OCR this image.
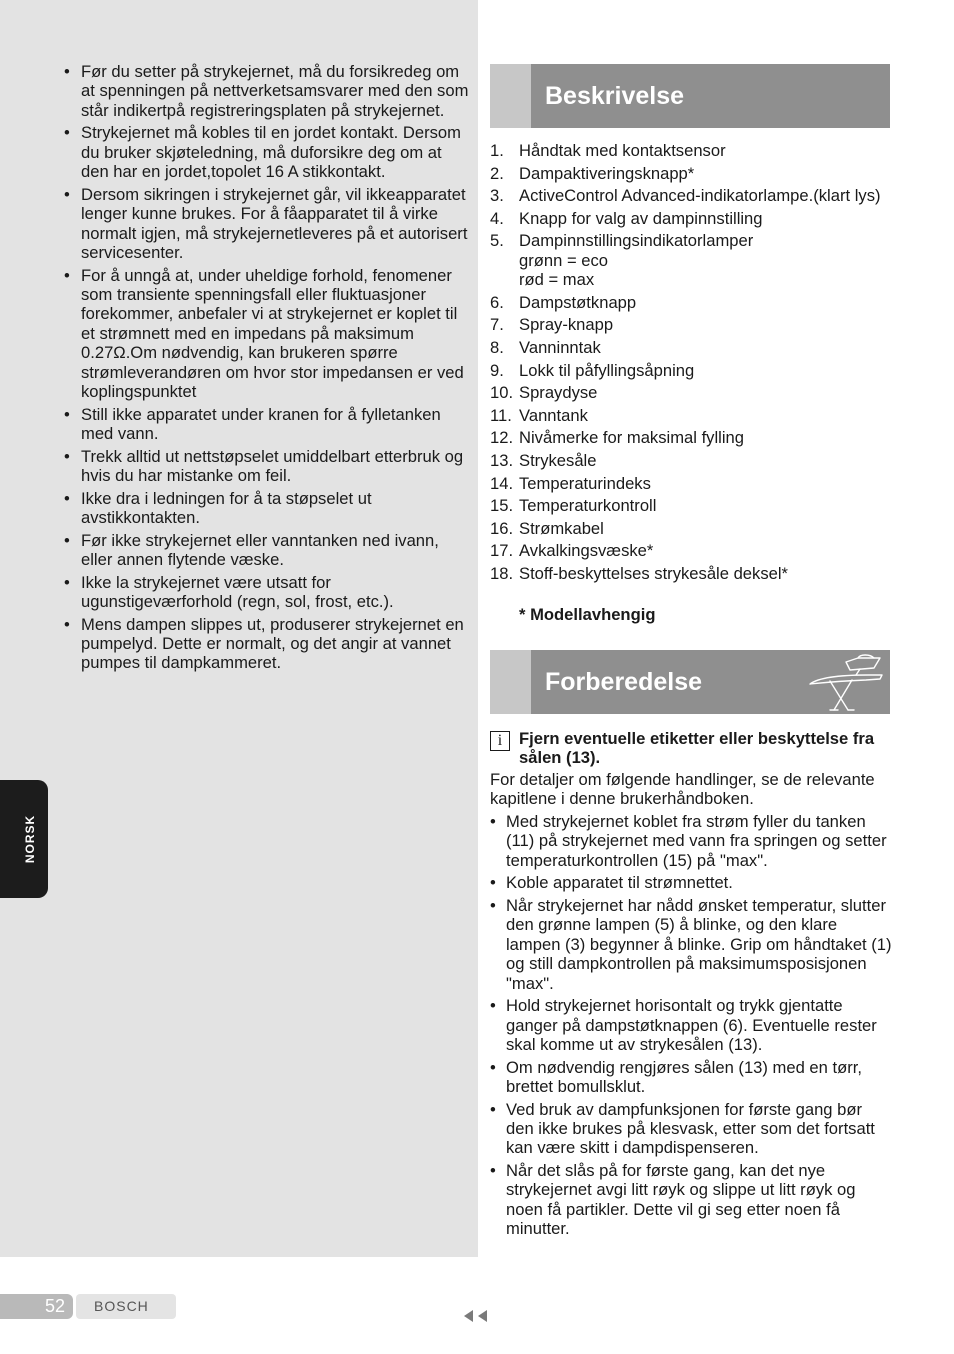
• Før du setter på strykejernet, må du forsikredeg om at spenningen på nettverketsamsvarer med den som står indikertpå registreringsplaten på strykejernet.
• Strykejernet må kobles til en jordet kontakt. Dersom du bruker skjøteledning, må duforsikre deg om at den har en jordet,topolet 16 A stikkontakt.
• Dersom sikringen i strykejernet går, vil ikkeapparatet lenger kunne brukes. For å fåapparatet til å virke normalt igjen, må strykejernetleveres på et autorisert servicesenter.
• For å unngå at, under uheldige forhold, fenomener som transiente spenningsfall eller fluktuasjoner forekommer, anbefaler vi at strykejernet er koplet til et strømnett med en impedans på maksimum 0.27Ω.Om nødvendig, kan brukeren spørre strømleverandøren om hvor stor impedansen er ved koplingspunktet
• Still ikke apparatet under kranen for å fylletanken med vann.
• Trekk alltid ut nettstøpselet umiddelbart etterbruk og hvis du har mistanke om feil.
• Ikke dra i ledningen for å ta støpselet ut avstikkontakten.
• Før ikke strykejernet eller vanntanken ned ivann, eller annen flytende væske.
• Ikke la strykejernet være utsatt for ugunstigeværforhold (regn, sol, frost, etc.).
• Mens dampen slippes ut, produserer strykejernet en pumpelyd. Dette er normalt, og det angir at vannet pumpes til dampkammeret.
NORSK
Beskrivelse
1. Håndtak med kontaktsensor
2. Dampaktiveringsknapp*
3. ActiveControl Advanced-indikatorlampe.(klart lys)
4. Knapp for valg av dampinnstilling
5. Dampinnstillingsindikatorlamper
grønn = eco
rød = max
6. Dampstøtknapp
7. Spray-knapp
8. Vanninntak
9. Lokk til påfyllingsåpning
10. Spraydyse
11. Vanntank
12. Nivåmerke for maksimal fylling
13. Strykesåle
14. Temperaturindeks
15. Temperaturkontroll
16. Strømkabel
17. Avkalkingsvæske*
18. Stoff-beskyttelses strykesåle deksel*
* Modellavhengig
Forberedelse
i	Fjern eventuelle etiketter eller beskyttelse fra sålen (13).
For detaljer om følgende handlinger, se de relevante kapitlene i denne brukerhåndboken.
• Med strykejernet koblet fra strøm fyller du tanken (11) på strykejernet med vann fra springen og setter temperaturkontrollen (15) på "max".
• Koble apparatet til strømnettet.
• Når strykejernet har nådd ønsket temperatur, slutter den grønne lampen (5) å blinke, og den klare lampen (3) begynner å blinke. Grip om håndtaket (1) og still dampkontrollen på maksimumsposisjonen "max".
• Hold strykejernet horisontalt og trykk gjentatte ganger på dampstøtknappen (6). Eventuelle rester skal komme ut av strykesålen (13).
• Om nødvendig rengjøres sålen (13) med en tørr, brettet bomullsklut.
• Ved bruk av dampfunksjonen for første gang bør den ikke brukes på klesvask, etter som det fortsatt kan være skitt i dampdispenseren.
• Når det slås på for første gang, kan det nye strykejernet avgi litt røyk og slippe ut litt røyk og noen få partikler. Dette vil gi seg etter noen få minutter.
52	BOSCH
